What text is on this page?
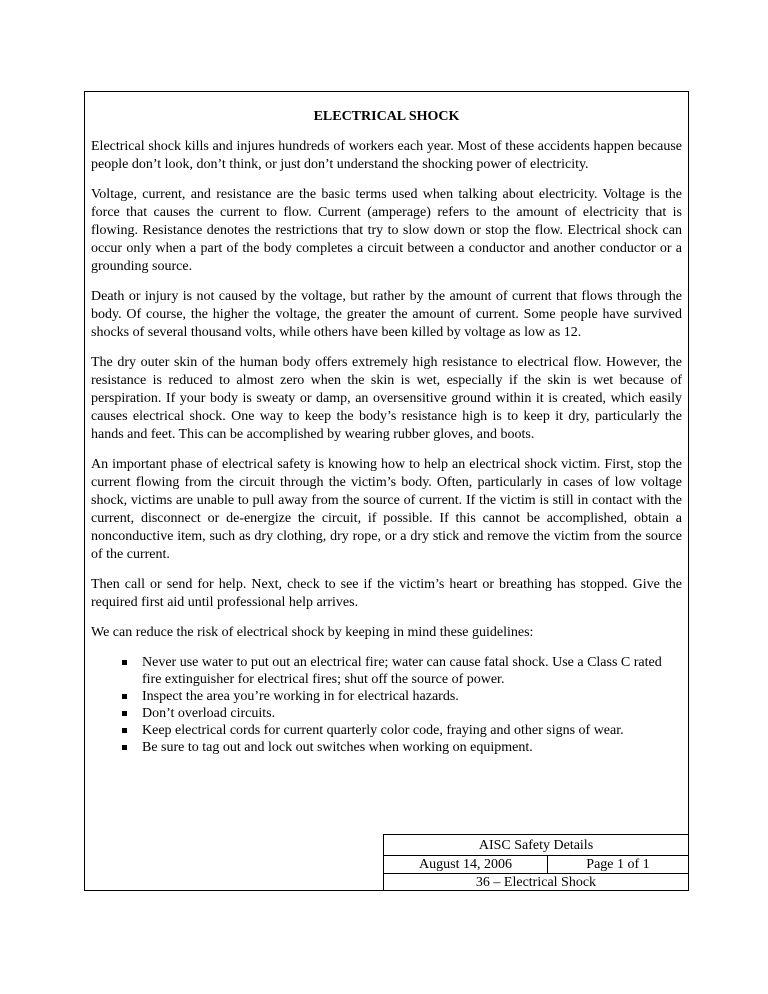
ELECTRICAL SHOCK

Electrical shock kills and injures hundreds of workers each year. Most of these accidents happen because people don’t look, don’t think, or just don’t understand the shocking power of electricity.

Voltage, current, and resistance are the basic terms used when talking about electricity. Voltage is the force that causes the current to flow. Current (amperage) refers to the amount of electricity that is flowing. Resistance denotes the restrictions that try to slow down or stop the flow. Electrical shock can occur only when a part of the body completes a circuit between a conductor and another conductor or a grounding source.

Death or injury is not caused by the voltage, but rather by the amount of current that flows through the body. Of course, the higher the voltage, the greater the amount of current. Some people have survived shocks of several thousand volts, while others have been killed by voltage as low as 12.

The dry outer skin of the human body offers extremely high resistance to electrical flow. However, the resistance is reduced to almost zero when the skin is wet, especially if the skin is wet because of perspiration. If your body is sweaty or damp, an oversensitive ground within it is created, which easily causes electrical shock. One way to keep the body’s resistance high is to keep it dry, particularly the hands and feet. This can be accomplished by wearing rubber gloves, and boots.

An important phase of electrical safety is knowing how to help an electrical shock victim. First, stop the current flowing from the circuit through the victim’s body. Often, particularly in cases of low voltage shock, victims are unable to pull away from the source of current. If the victim is still in contact with the current, disconnect or de-energize the circuit, if possible. If this cannot be accomplished, obtain a nonconductive item, such as dry clothing, dry rope, or a dry stick and remove the victim from the source of the current.

Then call or send for help. Next, check to see if the victim’s heart or breathing has stopped. Give the required first aid until professional help arrives.

We can reduce the risk of electrical shock by keeping in mind these guidelines:

Never use water to put out an electrical fire; water can cause fatal shock. Use a Class C rated fire extinguisher for electrical fires; shut off the source of power.
Inspect the area you’re working in for electrical hazards.
Don’t overload circuits.
Keep electrical cords for current quarterly color code, fraying and other signs of wear.
Be sure to tag out and lock out switches when working on equipment.
AISC Safety Details
August 14, 2006	Page 1 of 1
36 – Electrical Shock
